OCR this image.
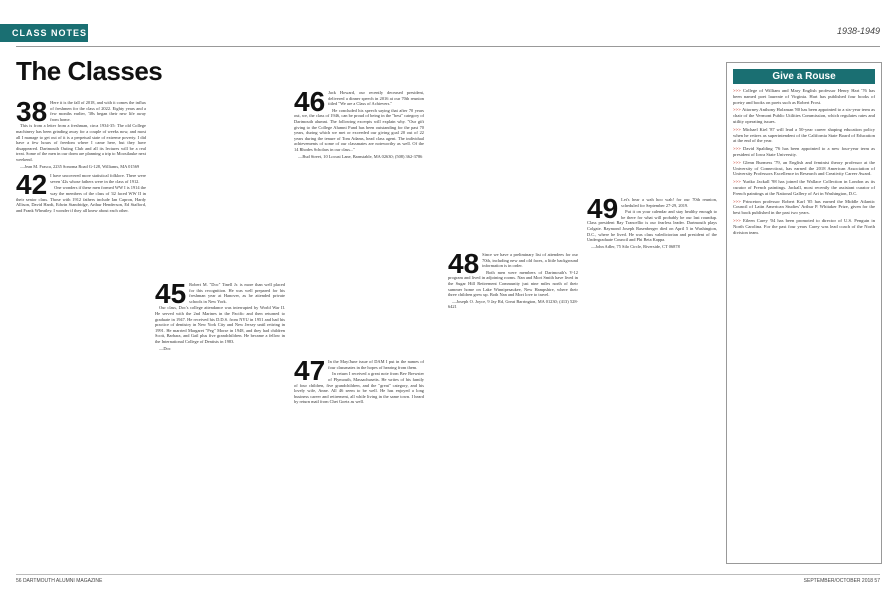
CLASS NOTES	1938-1949
The Classes
38 Here it is the fall of 2018, and with it comes the influx of freshmen for the class of 2022. Eighty years and a few months earlier, '38s began their new life away from home.

This is from a letter from a freshman, circa 1934-35: The old College machinery has been grinding away for a couple of weeks now, and most all I manage to get out of it is a perpetual state of extreme poverty. I did have a few hours of freedom where I came here, but they have disappeared. Dartmouth Outing Club and all its lectures will be a real treat. Some of the men in our dorm are planning a trip to Moosilauke next weekend.

—Jean M. Frasca, 2235 Sonoma Road G-128, Williams, MA 01569

42 I have uncovered more statistical folklore. There were seven '42s whose fathers were in the class of 1912.

One wonders if these men formed WW I is 1914 the way the members of the class of '42 faced WW II in their senior class. Those with 1912 fathers include Ian Capron, Hardy Allison, David Hardt, Edwin Standridge, Arthur Henderson, Ed Stafford, and Frank Wheatley. I wonder if they all knew about each other.

45 Robert M. "Doc" Tinell Jr. is more than well placed for this recognition. He was well prepared for his freshman year at Hanover, as he attended private schools in New York.

Our class, Doc's college attendance was interrupted by World War II. He served with the 2nd Marines in the Pacific and then returned to graduate in 1947. He received his D.D.S. from NYU in 1951 and had his practice of dentistry in New York City and New Jersey until retiring in 1991. He married Margaret "Peg" Morse in 1948, and they had children Scott, Barbara, and Gail plus five grandchildren. He became a fellow in the International College of Dentists in 1983.

—Doc

46 Jack Howard, our recently deceased president, delivered a dinner speech in 2016 at our 70th reunion titled "We are a Class of Achievers."

He concluded his speech saying that after 70 years out, we, the class of 1946, can be proud of being in the "best" category of Dartmouth alumni. The following excerpts will explain why. "Our gift giving to the College Alumni Fund has been outstanding for the past 70 years, during which we met or exceeded our giving goal 20 out of 22 years during the tenure of Tom Adams, head class agent. The individual achievements of some of our classmates are noteworthy as well. Of the 14 Rhodes Scholars in our class..."

—Bud Street, 10 Locust Lane, Barnstable, MA 02630; (508) 362-3786

47 In the May/June issue of DAM I put in the names of four classmates in the hopes of hearing from them.

In return I received a great note from Bev Brewster of Plymouth, Massachusetts. He writes of his family of four children, five grandchildren, and the "great" category, and his lovely wife, Anne. All 46 seem to be well. He has enjoyed a long business career and retirement, all while living in the same town. I heard by return mail from Chet Goetz as well.

48 Since we have a preliminary list of attendees for our 70th, including new and old faces, a little background information is in order.

Both men were members of Dartmouth's V-12 program and lived in adjoining rooms. Nan and Mort Smith have lived in the Sugar Hill Retirement Community just nine miles north of their summer home on Lake Winnipesaukee, New Hampshire, where their three children grew up. Both Nan and Mort love to travel.

—Joseph O. Joyce, 9 Jay Rd, Great Barrington, MA 01230; (413) 528-6421

49 Let's hear a wah hoo wah! for our 70th reunion, scheduled for September 27-29, 2019.

Put it on your calendar and stay healthy enough to be there for what will probably be our last roundup. Class president Ray Trancellio is our fearless leader. Dartmouth plays Colgate. Raymond Joseph Rasenberger died on April 5 in Washington, D.C., where he lived. He was class valedictorian and president of the Undergraduate Council and Phi Beta Kappa.

—John Adler, 75 Silo Circle, Riverside, CT 06878

Give a Rouse

>>> College of William and Mary English professor Henry Hart '76 has been named poet laureate of Virginia. Hart has published four books of poetry and books on poets such as Robert Frost.

>>> Attorney Anthony Holzman '80 has been appointed to a six-year term as chair of the Vermont Public Utilities Commission, which regulates rates and utility operating issues.

>>> Michael Kiel '87 will lead a 50-year career shaping education policy when he retires as superintendent of the California State Board of Education at the end of the year.

>>> David Spalding '76 has been appointed to a new four-year term as president of Iowa State University.

>>> Glenn Burmess '79, an English and feminist theory professor at the University of Connecticut, has earned the 2018 American Association of University Professors Excellence in Research and Creativity Career Award.

>>> Yuriko Jackall '98 has joined the Wallace Collection in London as its curator of French paintings. Jackall, most recently the assistant curator of French paintings at the National Gallery of Art in Washington, D.C.

>>> Princeton professor Robert Karl '05 has earned the Middle Atlantic Council of Latin American Studies' Arthur P. Whitaker Prize, given for the best book published in the past two years.

>>> Eileen Carey '04 has been promoted to director of U.S. Penguin in North Carolina. For the past four years Carey was lead coach of the North division team.

56 DARTMOUTH ALUMNI MAGAZINE	SEPTEMBER/OCTOBER 2018 57
